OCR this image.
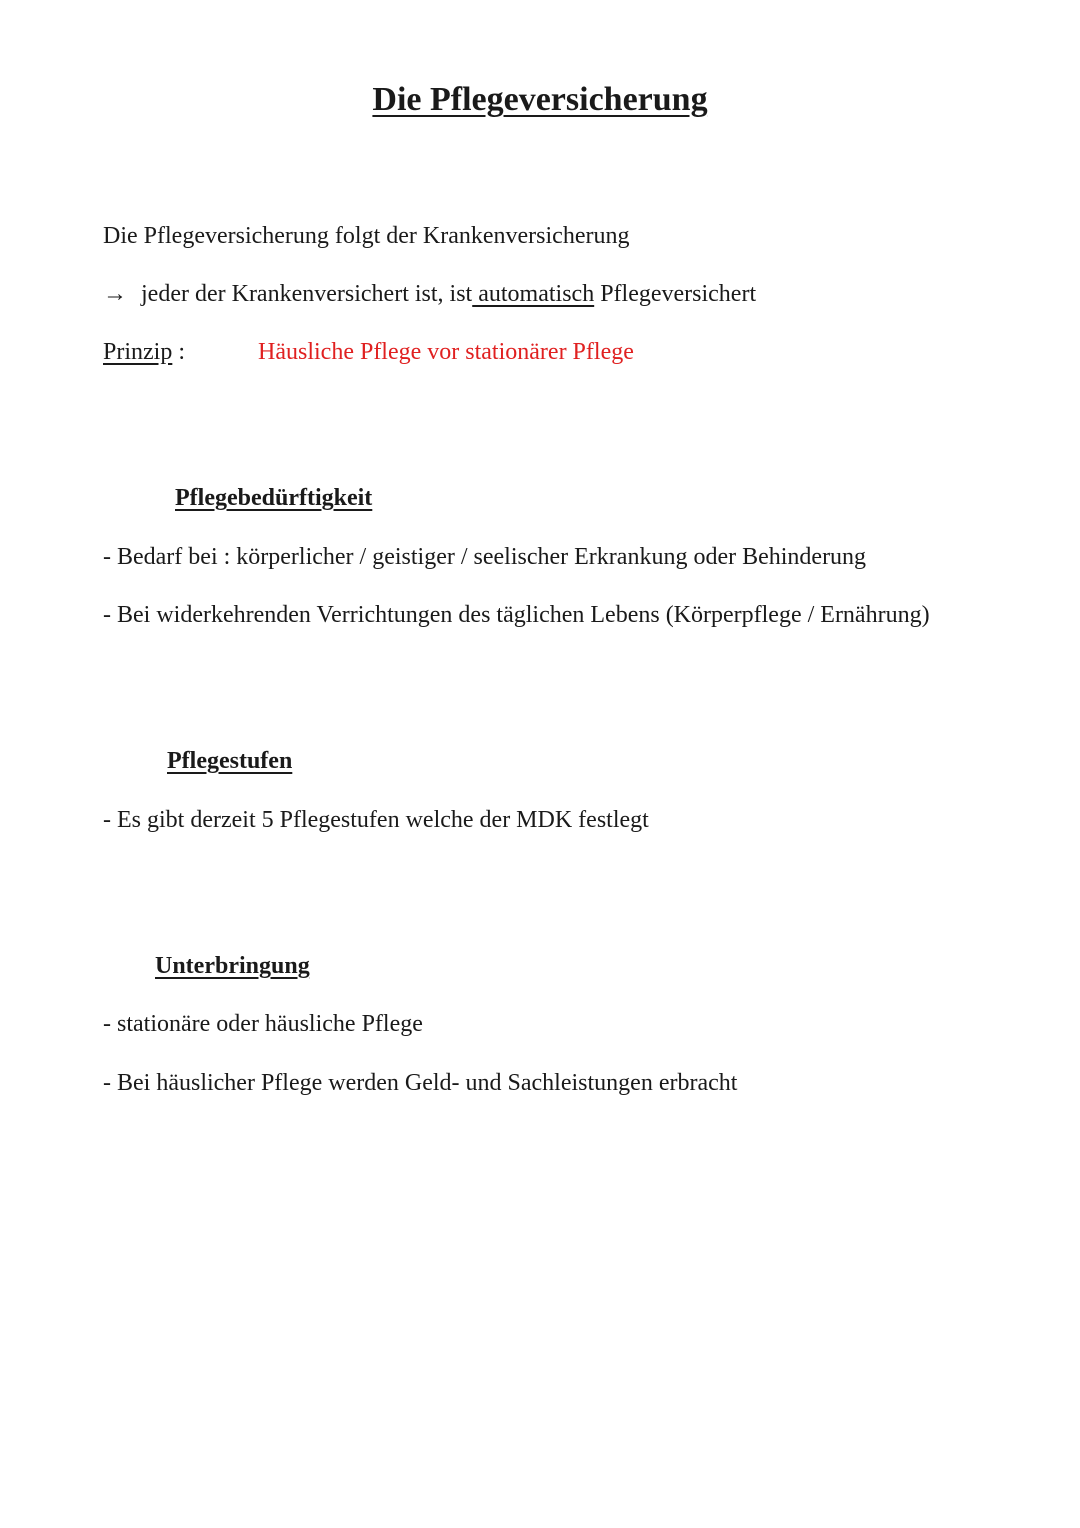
Die Pflegeversicherung

Die Pflegeversicherung folgt der Krankenversicherung

→ jeder der Krankenversichert ist, ist automatisch Pflegeversichert

Prinzip :	Häusliche Pflege vor stationärer Pflege

Pflegebedürftigkeit

- Bedarf bei : körperlicher / geistiger / seelischer Erkrankung oder Behinderung

- Bei widerkehrenden Verrichtungen des täglichen Lebens (Körperpflege / Ernährung)

Pflegestufen

- Es gibt derzeit 5 Pflegestufen welche der MDK festlegt

Unterbringung

- stationäre oder häusliche Pflege

- Bei häuslicher Pflege werden Geld- und Sachleistungen erbracht
